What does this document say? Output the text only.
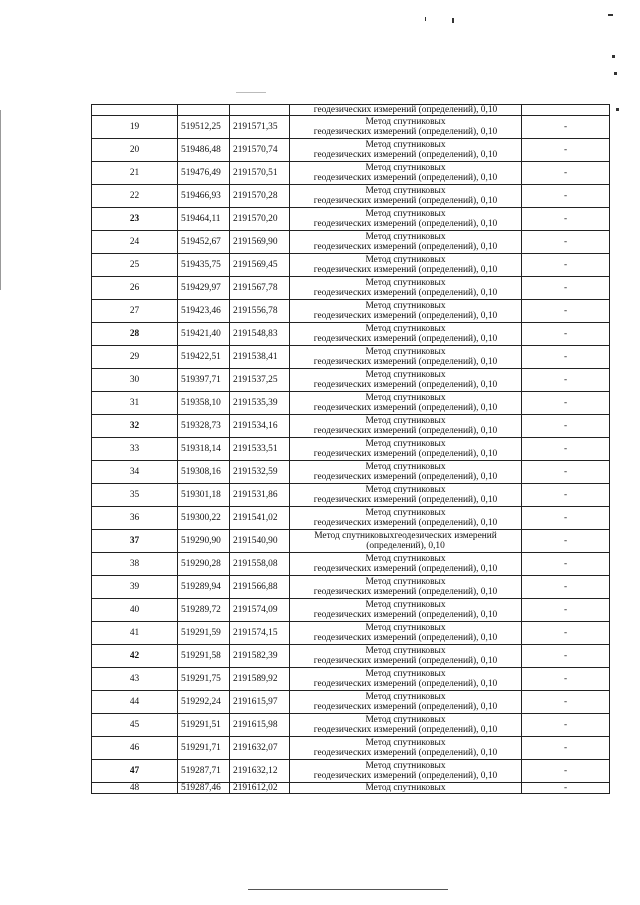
			геодезических измерений (определений), 0,10	

19	519512,25	2191571,35	Метод спутниковых
геодезических измерений (определений), 0,10	-
20	519486,48	2191570,74	Метод спутниковых
геодезических измерений (определений), 0,10	-
21	519476,49	2191570,51	Метод спутниковых
геодезических измерений (определений), 0,10	-
22	519466,93	2191570,28	Метод спутниковых
геодезических измерений (определений), 0,10	-
23	519464,11	2191570,20	Метод спутниковых
геодезических измерений (определений), 0,10	-
24	519452,67	2191569,90	Метод спутниковых
геодезических измерений (определений), 0,10	-
25	519435,75	2191569,45	Метод спутниковых
геодезических измерений (определений), 0,10	-
26	519429,97	2191567,78	Метод спутниковых
геодезических измерений (определений), 0,10	-
27	519423,46	2191556,78	Метод спутниковых
геодезических измерений (определений), 0,10	-
28	519421,40	2191548,83	Метод спутниковых
геодезических измерений (определений), 0,10	-
29	519422,51	2191538,41	Метод спутниковых
геодезических измерений (определений), 0,10	-
30	519397,71	2191537,25	Метод спутниковых
геодезических измерений (определений), 0,10	-
31	519358,10	2191535,39	Метод спутниковых
геодезических измерений (определений), 0,10	-
32	519328,73	2191534,16	Метод спутниковых
геодезических измерений (определений), 0,10	-
33	519318,14	2191533,51	Метод спутниковых
геодезических измерений (определений), 0,10	-
34	519308,16	2191532,59	Метод спутниковых
геодезических измерений (определений), 0,10	-
35	519301,18	2191531,86	Метод спутниковых
геодезических измерений (определений), 0,10	-
36	519300,22	2191541,02	Метод спутниковых
геодезических измерений (определений), 0,10	-
37	519290,90	2191540,90	Метод спутниковыхгеодезических измерений
(определений), 0,10	-
38	519290,28	2191558,08	Метод спутниковых
геодезических измерений (определений), 0,10	-
39	519289,94	2191566,88	Метод спутниковых
геодезических измерений (определений), 0,10	-
40	519289,72	2191574,09	Метод спутниковых
геодезических измерений (определений), 0,10	-
41	519291,59	2191574,15	Метод спутниковых
геодезических измерений (определений), 0,10	-
42	519291,58	2191582,39	Метод спутниковых
геодезических измерений (определений), 0,10	-
43	519291,75	2191589,92	Метод спутниковых
геодезических измерений (определений), 0,10	-
44	519292,24	2191615,97	Метод спутниковых
геодезических измерений (определений), 0,10	-
45	519291,51	2191615,98	Метод спутниковых
геодезических измерений (определений), 0,10	-
46	519291,71	2191632,07	Метод спутниковых
геодезических измерений (определений), 0,10	-
47	519287,71	2191632,12	Метод спутниковых
геодезических измерений (определений), 0,10	-
48	519287,46	2191612,02	Метод спутниковых	-
